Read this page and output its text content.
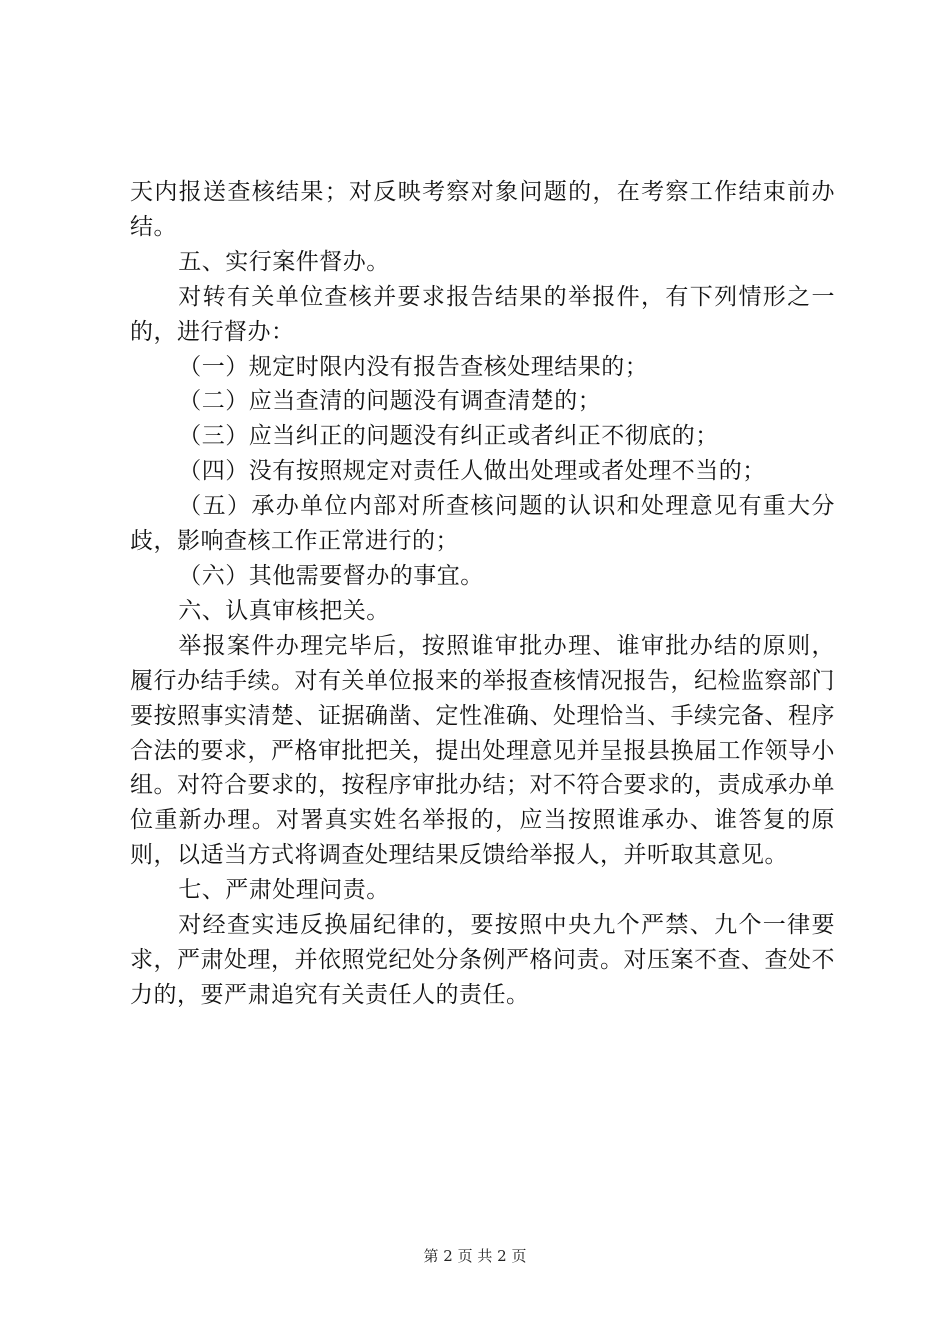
天内报送查核结果；对反映考察对象问题的，在考察工作结束前办结。

五、实行案件督办。

对转有关单位查核并要求报告结果的举报件，有下列情形之一的，进行督办：

（一）规定时限内没有报告查核处理结果的；

（二）应当查清的问题没有调查清楚的；

（三）应当纠正的问题没有纠正或者纠正不彻底的；

（四）没有按照规定对责任人做出处理或者处理不当的；

（五）承办单位内部对所查核问题的认识和处理意见有重大分歧，影响查核工作正常进行的；

（六）其他需要督办的事宜。

六、认真审核把关。

举报案件办理完毕后，按照谁审批办理、谁审批办结的原则，履行办结手续。对有关单位报来的举报查核情况报告，纪检监察部门要按照事实清楚、证据确凿、定性准确、处理恰当、手续完备、程序合法的要求，严格审批把关，提出处理意见并呈报县换届工作领导小组。对符合要求的，按程序审批办结；对不符合要求的，责成承办单位重新办理。对署真实姓名举报的，应当按照谁承办、谁答复的原则，以适当方式将调查处理结果反馈给举报人，并听取其意见。

七、严肃处理问责。

对经查实违反换届纪律的，要按照中央九个严禁、九个一律要求，严肃处理，并依照党纪处分条例严格问责。对压案不查、查处不力的，要严肃追究有关责任人的责任。

第 2 页 共 2 页
